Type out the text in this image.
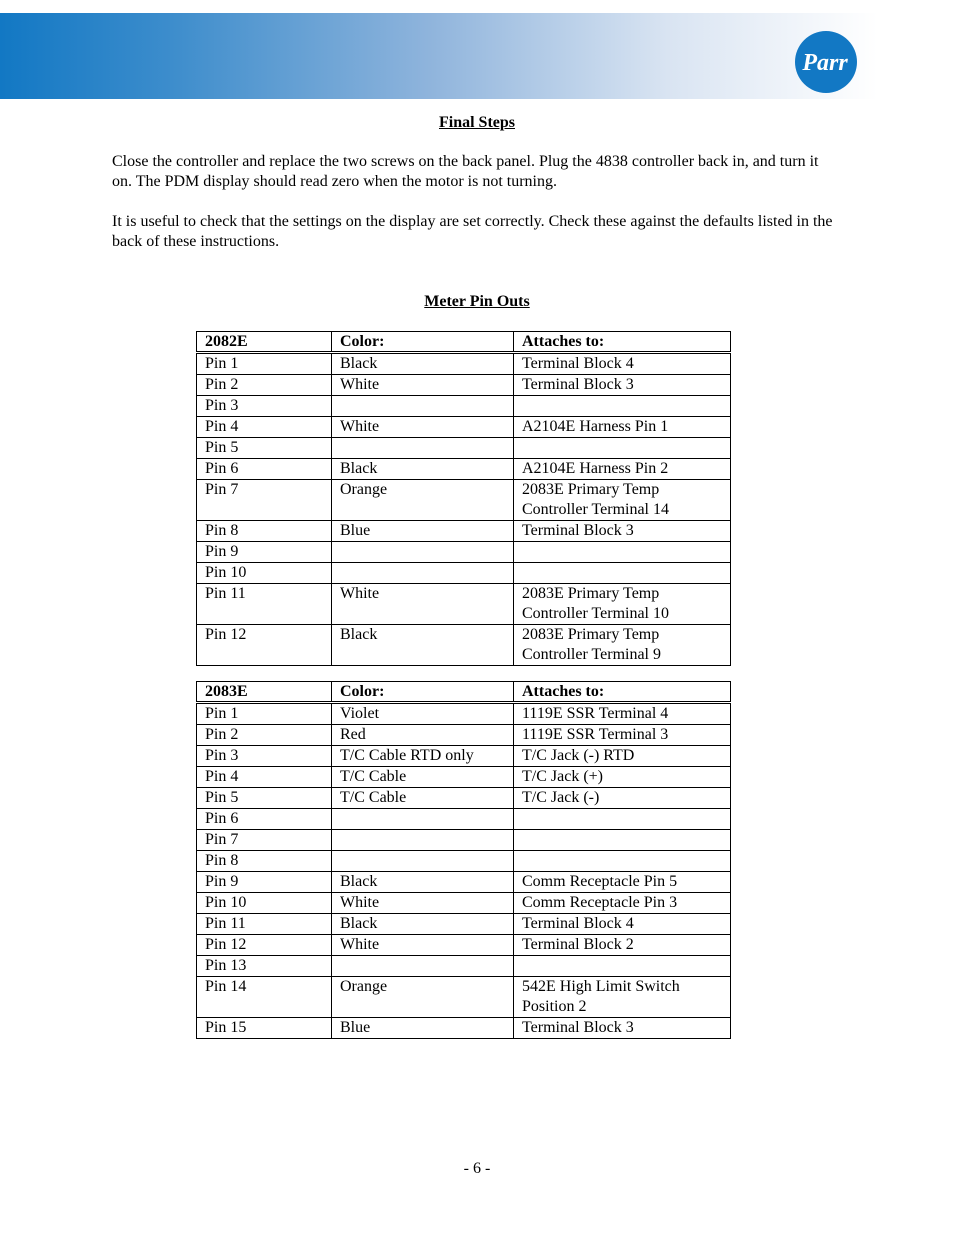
Parr
Final Steps
Close the controller and replace the two screws on the back panel. Plug the 4838 controller back in, and turn it on. The PDM display should read zero when the motor is not turning.
It is useful to check that the settings on the display are set correctly. Check these against the defaults listed in the back of these instructions.
Meter Pin Outs
2082E	Color:	Attaches to:
Pin 1	Black	Terminal Block 4
Pin 2	White	Terminal Block 3
Pin 3		
Pin 4	White	A2104E Harness Pin 1
Pin 5		
Pin 6	Black	A2104E Harness Pin 2
Pin 7	Orange	2083E Primary Temp Controller Terminal 14
Pin 8	Blue	Terminal Block 3
Pin 9		
Pin 10		
Pin 11	White	2083E Primary Temp Controller Terminal 10
Pin 12	Black	2083E Primary Temp Controller Terminal 9
2083E	Color:	Attaches to:
Pin 1	Violet	1119E SSR Terminal 4
Pin 2	Red	1119E SSR Terminal 3
Pin 3	T/C Cable RTD only	T/C Jack (-) RTD
Pin 4	T/C Cable	T/C Jack (+)
Pin 5	T/C Cable	T/C Jack (-)
Pin 6		
Pin 7		
Pin 8		
Pin 9	Black	Comm Receptacle Pin 5
Pin 10	White	Comm Receptacle Pin 3
Pin 11	Black	Terminal Block 4
Pin 12	White	Terminal Block 2
Pin 13		
Pin 14	Orange	542E High Limit Switch Position 2
Pin 15	Blue	Terminal Block 3
- 6 -
